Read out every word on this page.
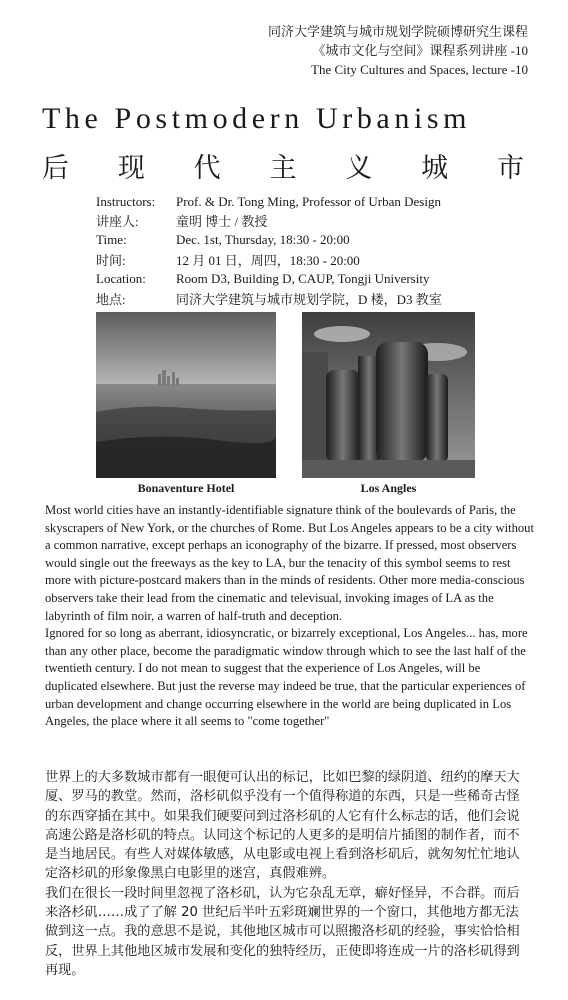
同济大学建筑与城市规划学院硕博研究生课程
《城市文化与空间》课程系列讲座 -10
The City Cultures and Spaces, lecture -10
The Postmodern Urbanism
后 现 代 主 义 城 市
Instructors:	Prof. & Dr. Tong Ming, Professor of Urban Design
讲座人:	童明 博士 / 教授
Time:	Dec. 1st, Thursday, 18:30 - 20:00
时间:	12 月 01 日，周四，18:30 - 20:00
Location:	Room D3, Building D, CAUP, Tongji University
地点:	同济大学建筑与城市规划学院，D 楼，D3 教室
Bonaventure Hotel	Los Angles

Most world cities have an instantly-identifiable signature think of the boulevards of Paris, the skyscrapers of New York, or the churches of Rome. But Los Angeles appears to be a city without a common narrative, except perhaps an iconography of the bizarre. If pressed, most observers would single out the freeways as the key to LA, bur the tenacity of this symbol seems to rest more with picture-postcard makers than in the minds of residents. Other more media-conscious observers take their lead from the cinematic and televisual, invoking images of LA as the labyrinth of film noir, a warren of half-truth and deception.

Ignored for so long as aberrant, idiosyncratic, or bizarrely exceptional, Los Angeles... has, more than any other place, become the paradigmatic window through which to see the last half of the twentieth century. I do not mean to suggest that the experience of Los Angeles, will be duplicated elsewhere. But just the reverse may indeed be true, that the particular experiences of urban development and change occurring elsewhere in the world are being duplicated in Los Angeles, the place where it all seems to "come together"

世界上的大多数城市都有一眼便可认出的标记，比如巴黎的绿阴道、纽约的摩天大厦、罗马的教堂。然而，洛杉矶似乎没有一个值得称道的东西，只是一些稀奇古怪的东西穿插在其中。如果我们硬要问到过洛杉矶的人它有什么标志的话，他们会说高速公路是洛杉矶的特点。认同这个标记的人更多的是明信片插图的制作者，而不是当地居民。有些人对媒体敏感，从电影或电视上看到洛杉矶后，就匆匆忙忙地认定洛杉矶的形象像黑白电影里的迷宫，真假难辨。

我们在很长一段时间里忽视了洛杉矶，认为它杂乱无章，癖好怪异，不合群。而后来洛杉矶……成了了解 20 世纪后半叶五彩斑斓世界的一个窗口，其他地方都无法做到这一点。我的意思不是说，其他地区城市可以照搬洛杉矶的经验，事实恰恰相反，世界上其他地区城市发展和变化的独特经历，正使即将连成一片的洛杉矶得到再现。
